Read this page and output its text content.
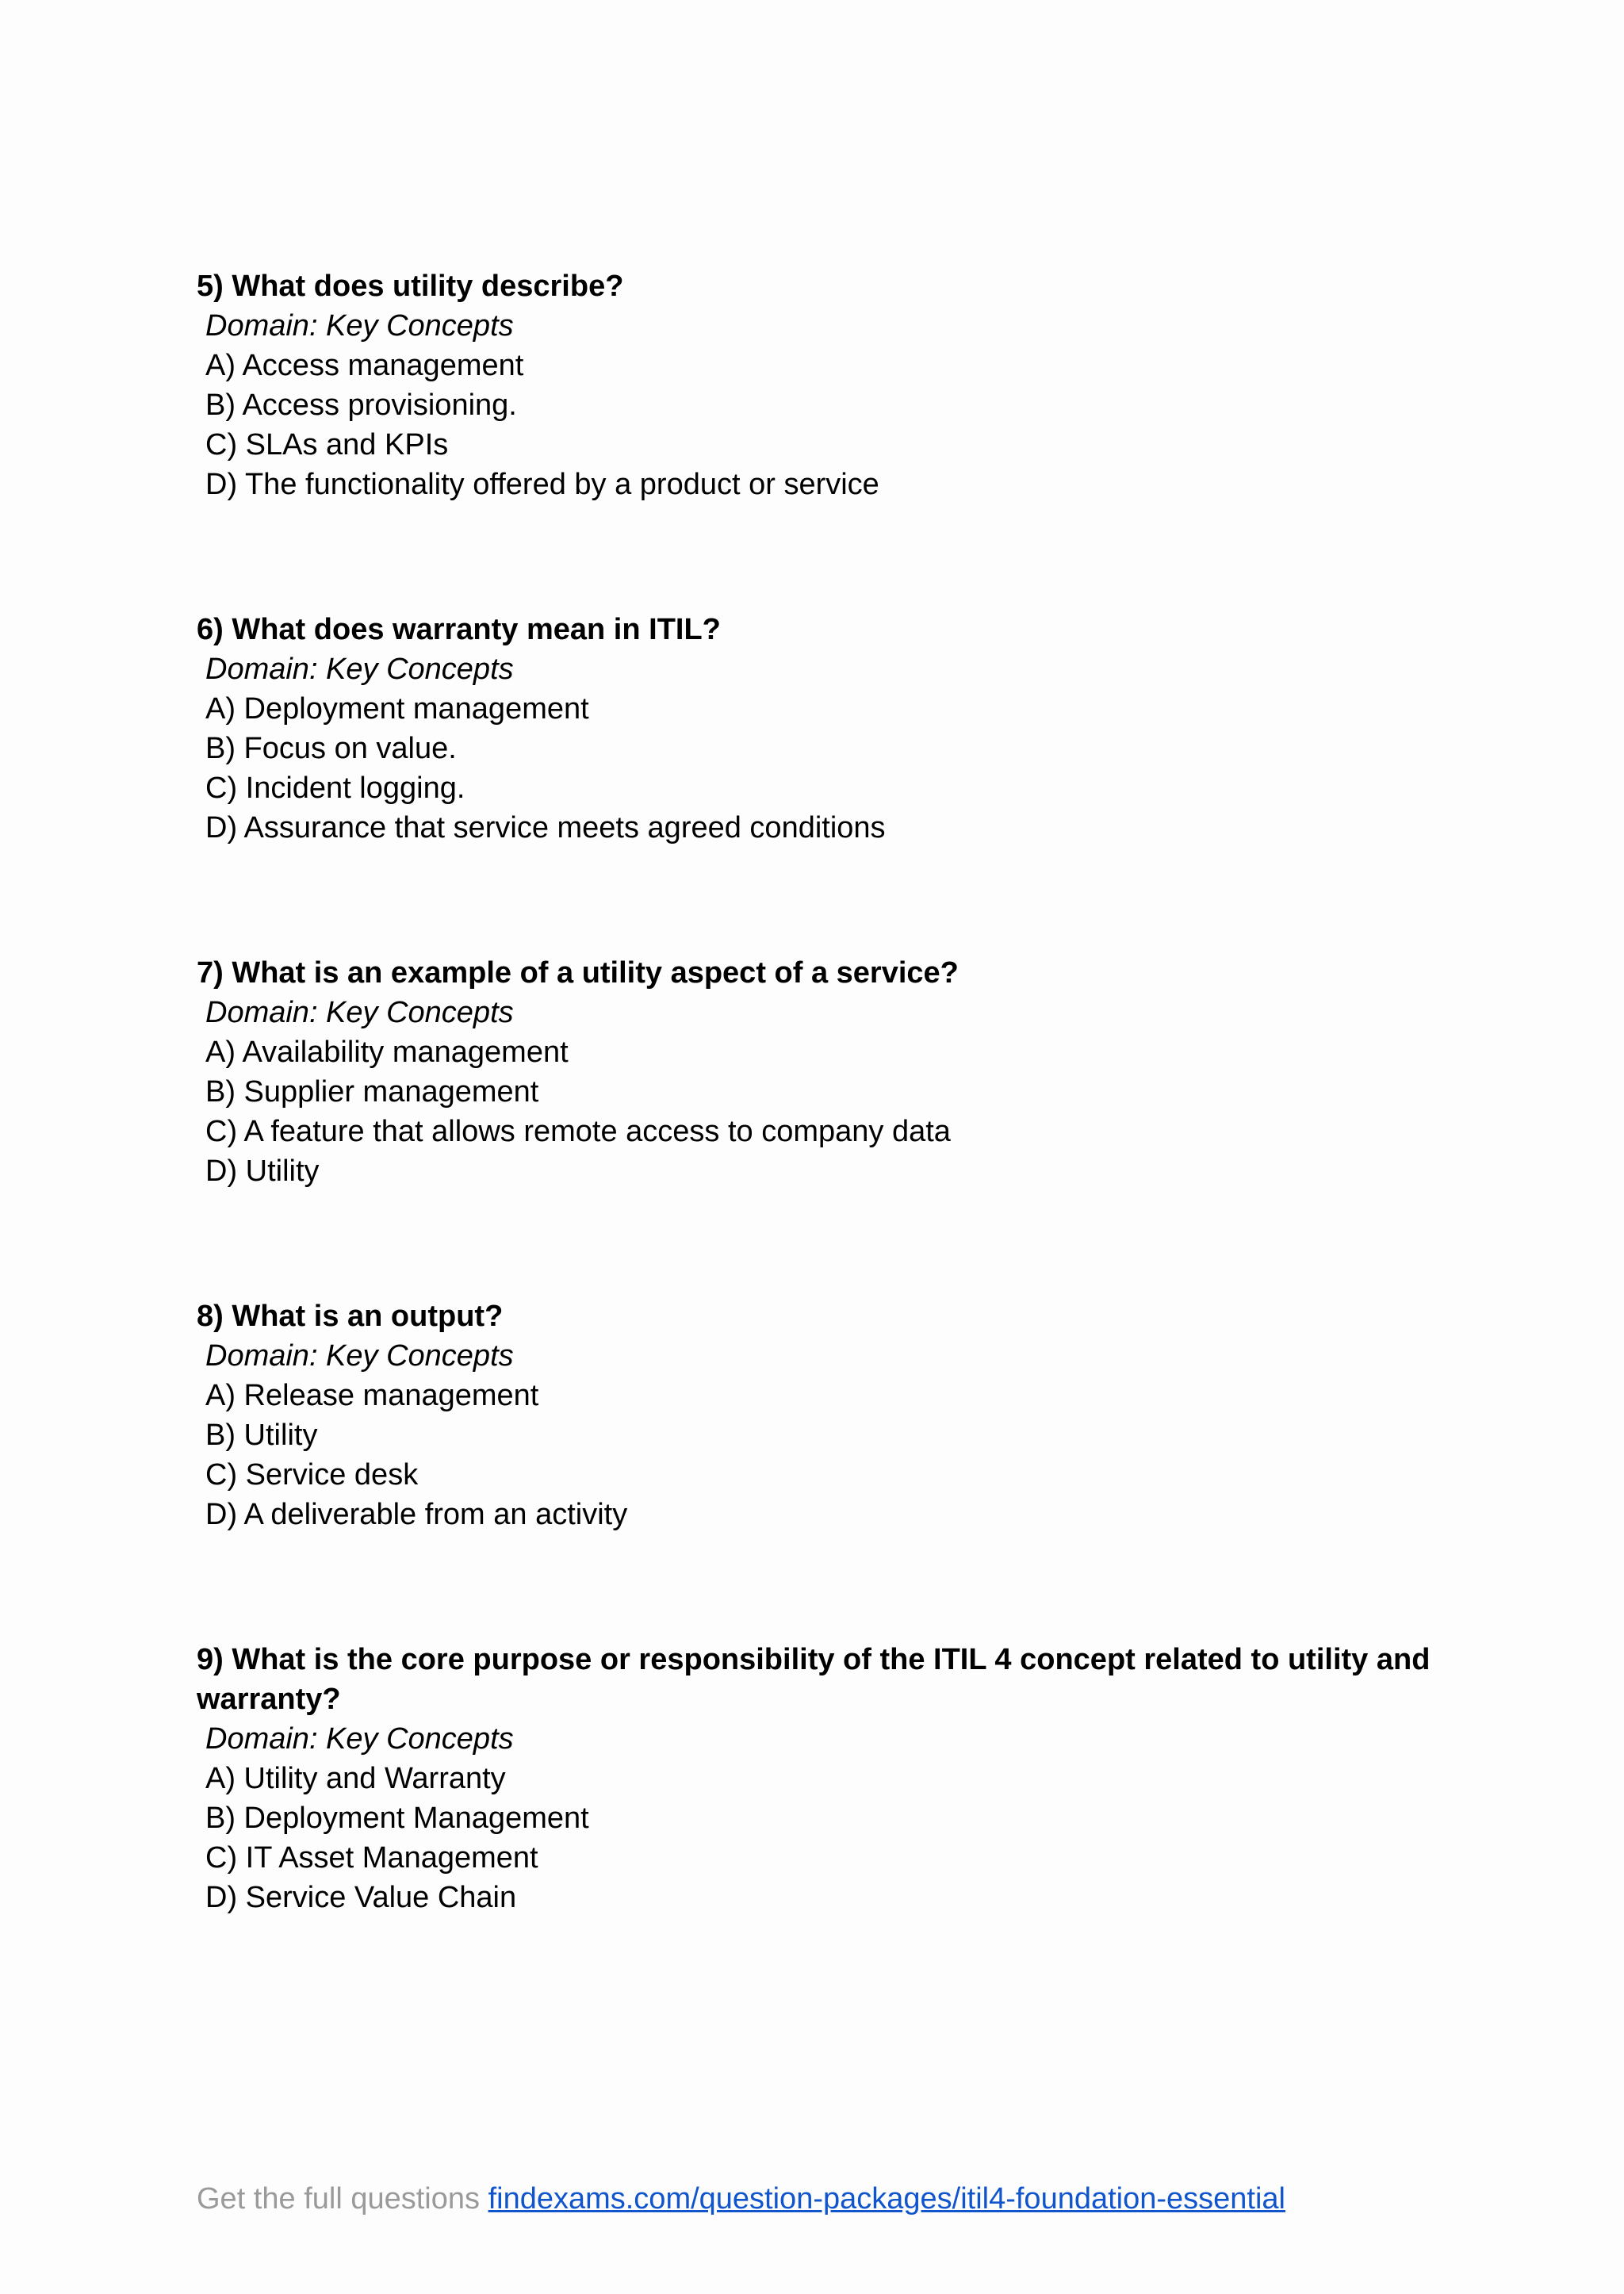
5) What does utility describe?

Domain: Key Concepts

A) Access management
B) Access provisioning.
C) SLAs and KPIs
D) The functionality offered by a product or service

6) What does warranty mean in ITIL?

Domain: Key Concepts

A) Deployment management
B) Focus on value.
C) Incident logging.
D) Assurance that service meets agreed conditions

7) What is an example of a utility aspect of a service?

Domain: Key Concepts

A) Availability management
B) Supplier management
C) A feature that allows remote access to company data
D) Utility

8) What is an output?

Domain: Key Concepts

A) Release management
B) Utility
C) Service desk
D) A deliverable from an activity

9) What is the core purpose or responsibility of the ITIL 4 concept related to utility and warranty?

Domain: Key Concepts

A) Utility and Warranty
B) Deployment Management
C) IT Asset Management
D) Service Value Chain
Get the full questions findexams.com/question-packages/itil4-foundation-essential
